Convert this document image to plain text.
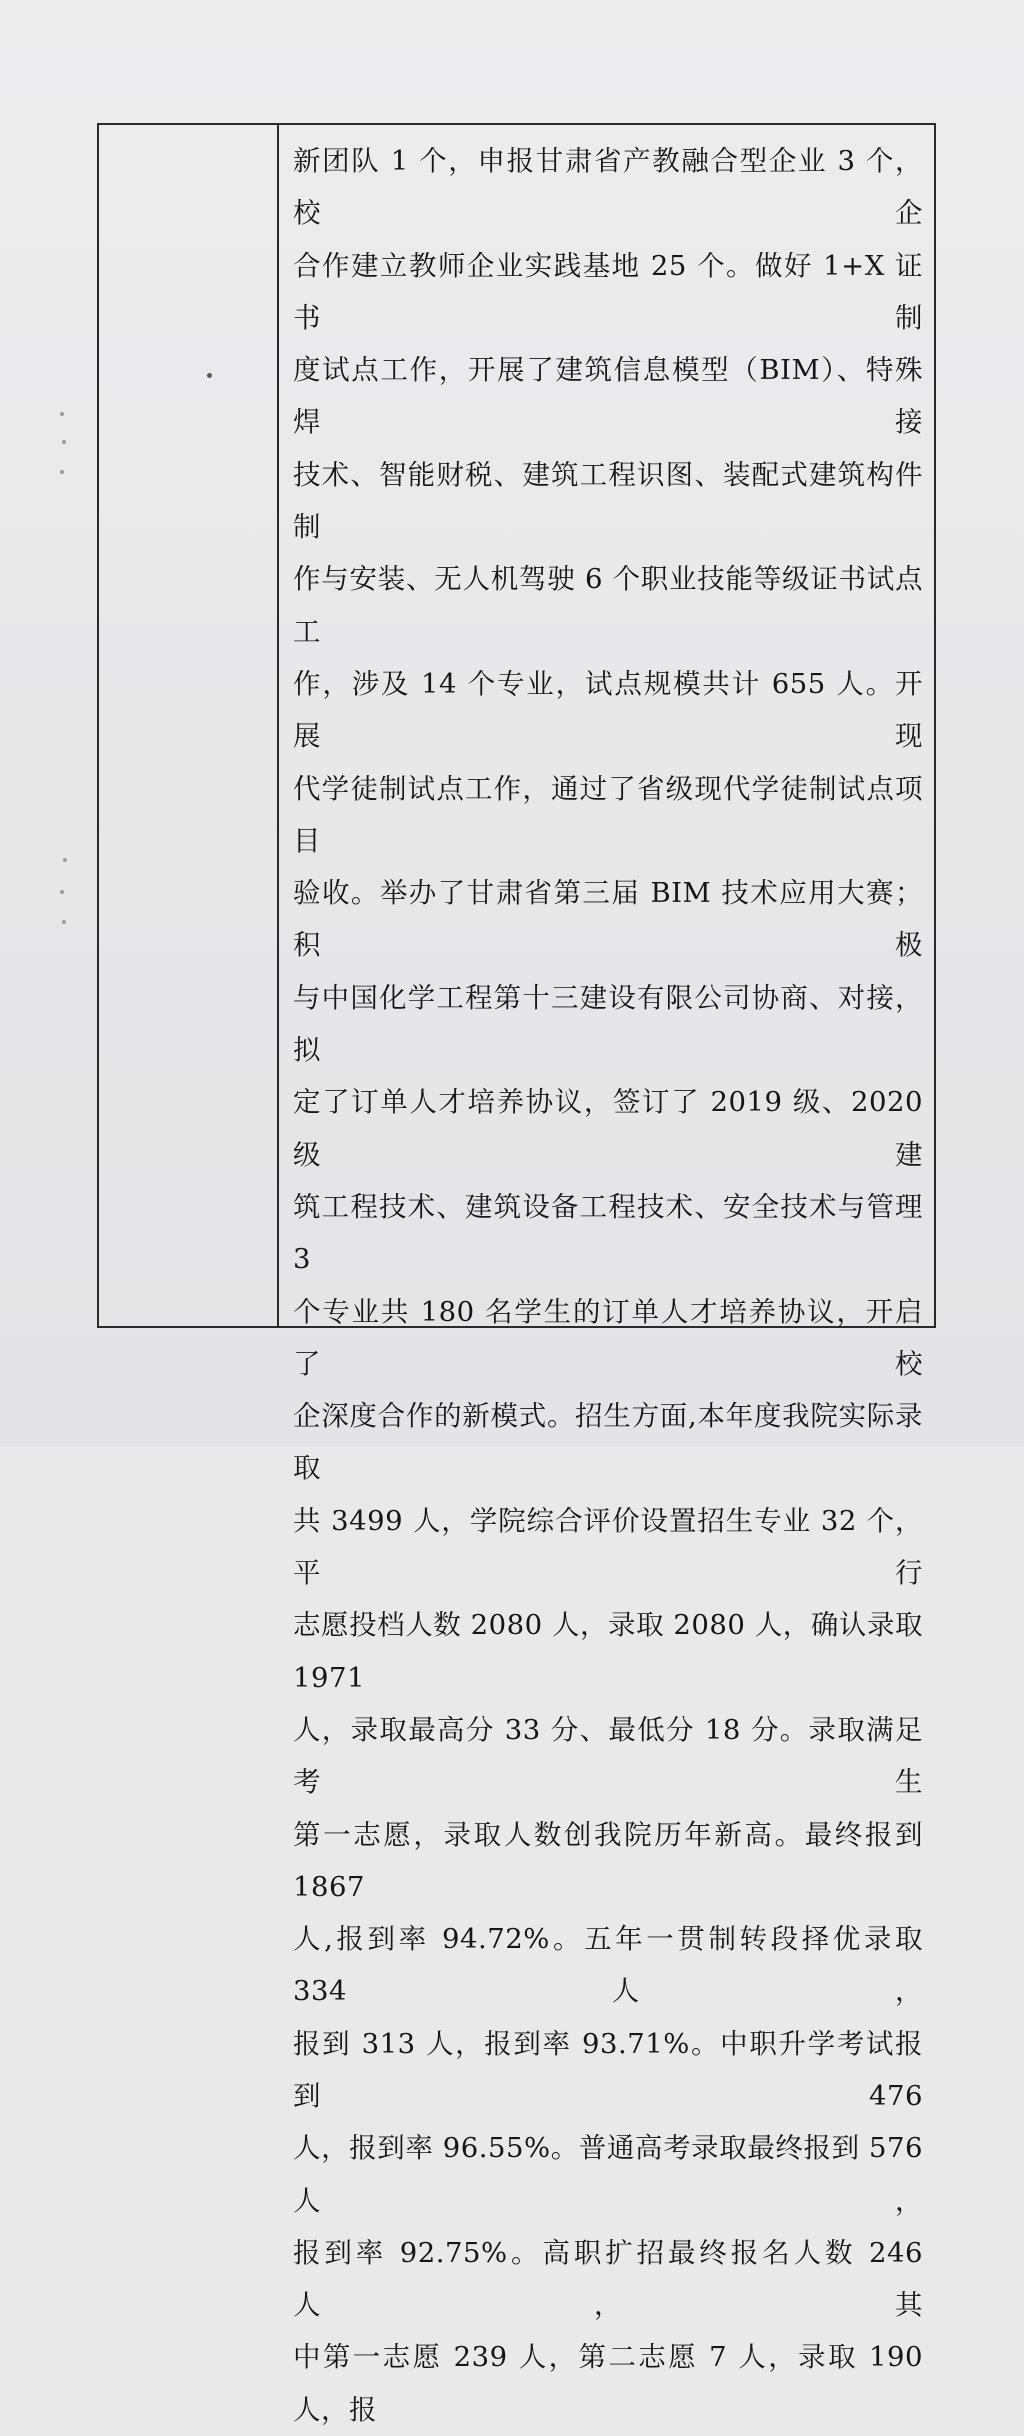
新团队 1 个，申报甘肃省产教融合型企业 3 个，校企
合作建立教师企业实践基地 25 个。做好 1+X 证书制
度试点工作，开展了建筑信息模型（BIM）、特殊焊接
技术、智能财税、建筑工程识图、装配式建筑构件制
作与安装、无人机驾驶 6 个职业技能等级证书试点工
作，涉及 14 个专业，试点规模共计 655 人。开展现
代学徒制试点工作，通过了省级现代学徒制试点项目
验收。举办了甘肃省第三届 BIM 技术应用大赛；积极
与中国化学工程第十三建设有限公司协商、对接，拟
定了订单人才培养协议，签订了 2019 级、2020 级建
筑工程技术、建筑设备工程技术、安全技术与管理 3
个专业共 180 名学生的订单人才培养协议，开启了校
企深度合作的新模式。招生方面,本年度我院实际录取
共 3499 人，学院综合评价设置招生专业 32 个，平行
志愿投档人数 2080 人，录取 2080 人，确认录取 1971
人，录取最高分 33 分、最低分 18 分。录取满足考生
第一志愿，录取人数创我院历年新高。最终报到 1867
人,报到率 94.72%。五年一贯制转段择优录取 334 人，
报到 313 人，报到率 93.71%。中职升学考试报到 476
人，报到率 96.55%。普通高考录取最终报到 576 人，
报到率 92.75%。高职扩招最终报名人数 246 人，其
中第一志愿 239 人，第二志愿 7 人，录取 190 人，报
